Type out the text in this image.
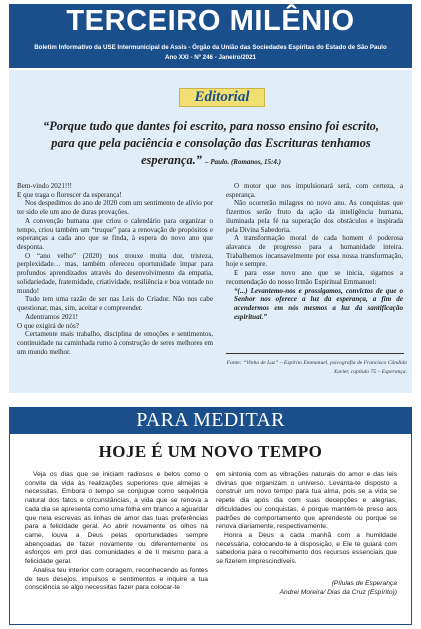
TERCEIRO MILÊNIO
Boletim Informativo da USE Intermunicipal de Assis - Órgão da União das Sociedades Espíritas do Estado de São Paulo
Ano XXI - Nº 246 - Janeiro/2021
Editorial
“Porque tudo que dantes foi escrito, para nosso ensino foi escrito, para que pela paciência e consolação das Escrituras tenhamos esperança.” – Paulo. (Romanos, 15:4.)

Bem-vindo 2021!!!

E que traga o florescer da esperança!

Nos despedimos do ano de 2020 com um sentimento de alívio por ter sido ele um ano de duras provações.

A convenção humana que criou o calendário para organizar o tempo, criou também um “truque” para a renovação de propósitos e esperanças a cada ano que se finda, à espera do novo ano que desponta.

O “ano velho” (2020) nos trouxe muita dor, tristeza, perplexidade… mas, também ofereceu oportunidade ímpar para profundos aprendizados através do desenvolvimento da empatia, solidariedade, fraternidade, criatividade, resiliência e boa vontade no mundo!

Tudo tem uma razão de ser nas Leis do Criador. Não nos cabe questionar, mas, sim, aceitar e compreender.

Adentramos 2021!

O que exigirá de nós?

Certamente mais trabalho, disciplina de emoções e sentimentos, continuidade na caminhada rumo à construção de seres melhores em um mundo melhor.

O motor que nos impulsionará será, com certeza, a esperança.

Não ocorrerão milagres no novo ano. As conquistas que fizermos serão fruto da ação da inteligência humana, iluminada pela fé na superação dos obstáculos e inspirada pela Divina Sabedoria.

A transformação moral de cada homem é poderosa alavanca de progresso para a humanidade inteira. Trabalhemos incansavelmente por essa nossa transformação, hoje e sempre.

E para esse novo ano que se inicia, sigamos a recomendação do nosso Irmão Espiritual Emmanuel:

“(...) Levantemo-nos e prossigamos, convictos de que o Senhor nos oferece a luz da esperança, a fim de acendermos em nós mesmos a luz da santificação espiritual.”

Fonte: “Vinha de Luz” – Espírito Emmanuel, psicografia de Francisco Cândido Xavier, capítulo 75 – Esperança.
PARA MEDITAR
HOJE É UM NOVO TEMPO

Veja os dias que se iniciam radiosos e belos como o convite da vida às realizações superiores que almejas e necessitas. Embora o tempo se conjugue como sequência natural dos fatos e circunstâncias, a vida que se renova a cada dia se apresenta como uma folha em branco a aguardar que nela escrevas as linhas de amor das tuas preferências para a felicidade geral. Ao abrir novamente os olhos na carne, louva a Deus pelas oportunidades sempre abençoadas de fazer novamente ou diferentemente os esforços em prol das comunidades e de ti mesmo para a felicidade geral.

Analisa teu interior com coragem, reconhecendo as fontes de teus desejos, impulsos e sentimentos e inquire a tua consciência se algo necessitas fazer para colocar-te

em sintonia com as vibrações naturais do amor e das leis divinas que organizam o universo. Levanta-te disposto a construir um novo tempo para tua alma, pois se a vida se repete dia após dia com suas decepções e alegrias, dificuldades ou conquistas, é porque mantém-te preso aos padrões de comportamento que aprendeste ou porque se renova diariamente, respectivamente.

Honra a Deus a cada manhã com a humildade necessária, colocando-te à disposição, e Ele te guiará com sabedoria para o recolhimento dos recursos essenciais que se fizerem imprescindíveis.

(Pílulas de Esperança
Andrei Moreira/ Dias da Cruz (Espírito))
